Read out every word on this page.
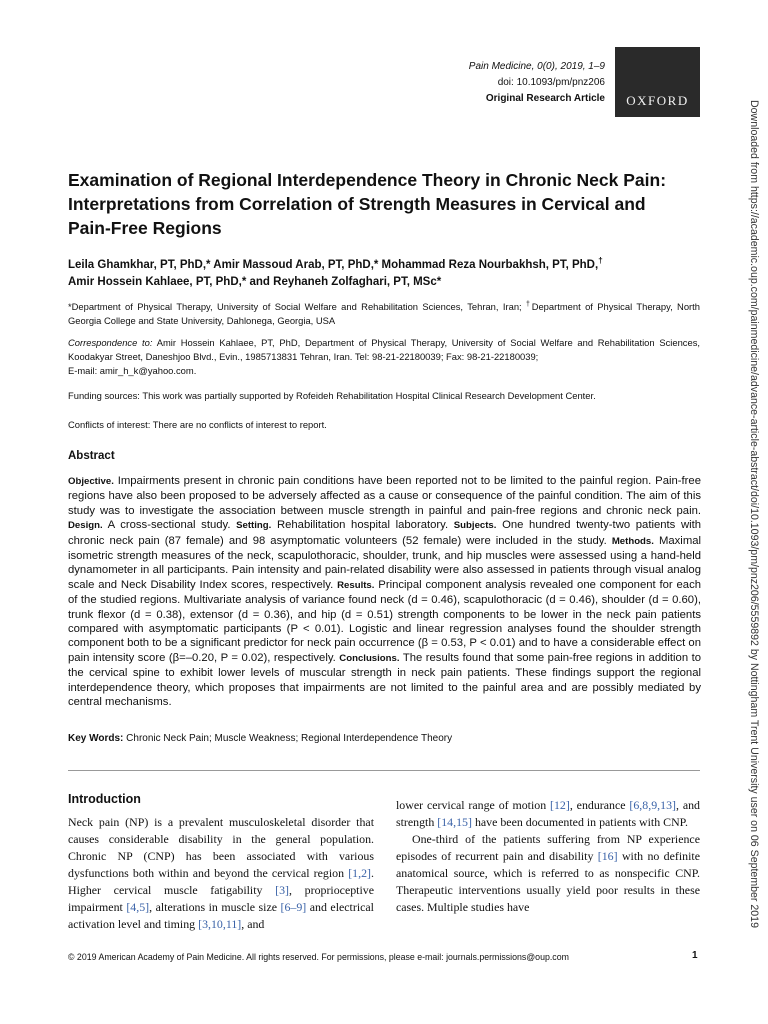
Pain Medicine, 0(0), 2019, 1–9
doi: 10.1093/pm/pnz206
Original Research Article OXFORD	Downloaded from https://academic.oup.com/painmedicine/advance-article-abstract/doi/10.1093/pm/pnz206/5559892 by Nottingham Trent University user on 06 September 2019
Examination of Regional Interdependence Theory in Chronic Neck Pain: Interpretations from Correlation of Strength Measures in Cervical and Pain-Free Regions
Leila Ghamkhar, PT, PhD,* Amir Massoud Arab, PT, PhD,* Mohammad Reza Nourbakhsh, PT, PhD,†
Amir Hossein Kahlaee, PT, PhD,* and Reyhaneh Zolfaghari, PT, MSc*
*Department of Physical Therapy, University of Social Welfare and Rehabilitation Sciences, Tehran, Iran; †Department of Physical Therapy, North Georgia College and State University, Dahlonega, Georgia, USA
Correspondence to: Amir Hossein Kahlaee, PT, PhD, Department of Physical Therapy, University of Social Welfare and Rehabilitation Sciences, Koodakyar Street, Daneshjoo Blvd., Evin., 1985713831 Tehran, Iran. Tel: 98-21-22180039; Fax: 98-21-22180039;
E-mail: amir_h_k@yahoo.com.
Funding sources: This work was partially supported by Rofeideh Rehabilitation Hospital Clinical Research Development Center.
Conflicts of interest: There are no conflicts of interest to report.
Abstract
Objective. Impairments present in chronic pain conditions have been reported not to be limited to the painful region. Pain-free regions have also been proposed to be adversely affected as a cause or consequence of the painful condition. The aim of this study was to investigate the association between muscle strength in painful and pain-free regions and chronic neck pain. Design. A cross-sectional study. Setting. Rehabilitation hospital laboratory. Subjects. One hundred twenty-two patients with chronic neck pain (87 female) and 98 asymptomatic volunteers (52 female) were included in the study. Methods. Maximal isometric strength measures of the neck, scapulothoracic, shoulder, trunk, and hip muscles were assessed using a hand-held dynamometer in all participants. Pain intensity and pain-related disability were also assessed in patients through visual analog scale and Neck Disability Index scores, respectively. Results. Principal component analysis revealed one component for each of the studied regions. Multivariate analysis of variance found neck (d = 0.46), scapulothoracic (d = 0.46), shoulder (d = 0.60), trunk flexor (d = 0.38), extensor (d = 0.36), and hip (d = 0.51) strength components to be lower in the neck pain patients compared with asymptomatic participants (P < 0.01). Logistic and linear regression analyses found the shoulder strength component both to be a significant predictor for neck pain occurrence (β = 0.53, P < 0.01) and to have a considerable effect on pain intensity score (β=–0.20, P = 0.02), respectively. Conclusions. The results found that some pain-free regions in addition to the cervical spine to exhibit lower levels of muscular strength in neck pain patients. These findings support the regional interdependence theory, which proposes that impairments are not limited to the painful area and are possibly mediated by central mechanisms.
Key Words: Chronic Neck Pain; Muscle Weakness; Regional Interdependence Theory
Introduction
Neck pain (NP) is a prevalent musculoskeletal disorder that causes considerable disability in the general population. Chronic NP (CNP) has been associated with various dysfunctions both within and beyond the cervical region [1,2]. Higher cervical muscle fatigability [3], proprioceptive impairment [4,5], alterations in muscle size [6–9] and electrical activation level and timing [3,10,11], and
lower cervical range of motion [12], endurance [6,8,9,13], and strength [14,15] have been documented in patients with CNP.
One-third of the patients suffering from NP experience episodes of recurrent pain and disability [16] with no definite anatomical source, which is referred to as nonspecific CNP. Therapeutic interventions usually yield poor results in these cases. Multiple studies have
© 2019 American Academy of Pain Medicine. All rights reserved. For permissions, please e-mail: journals.permissions@oup.com	1
